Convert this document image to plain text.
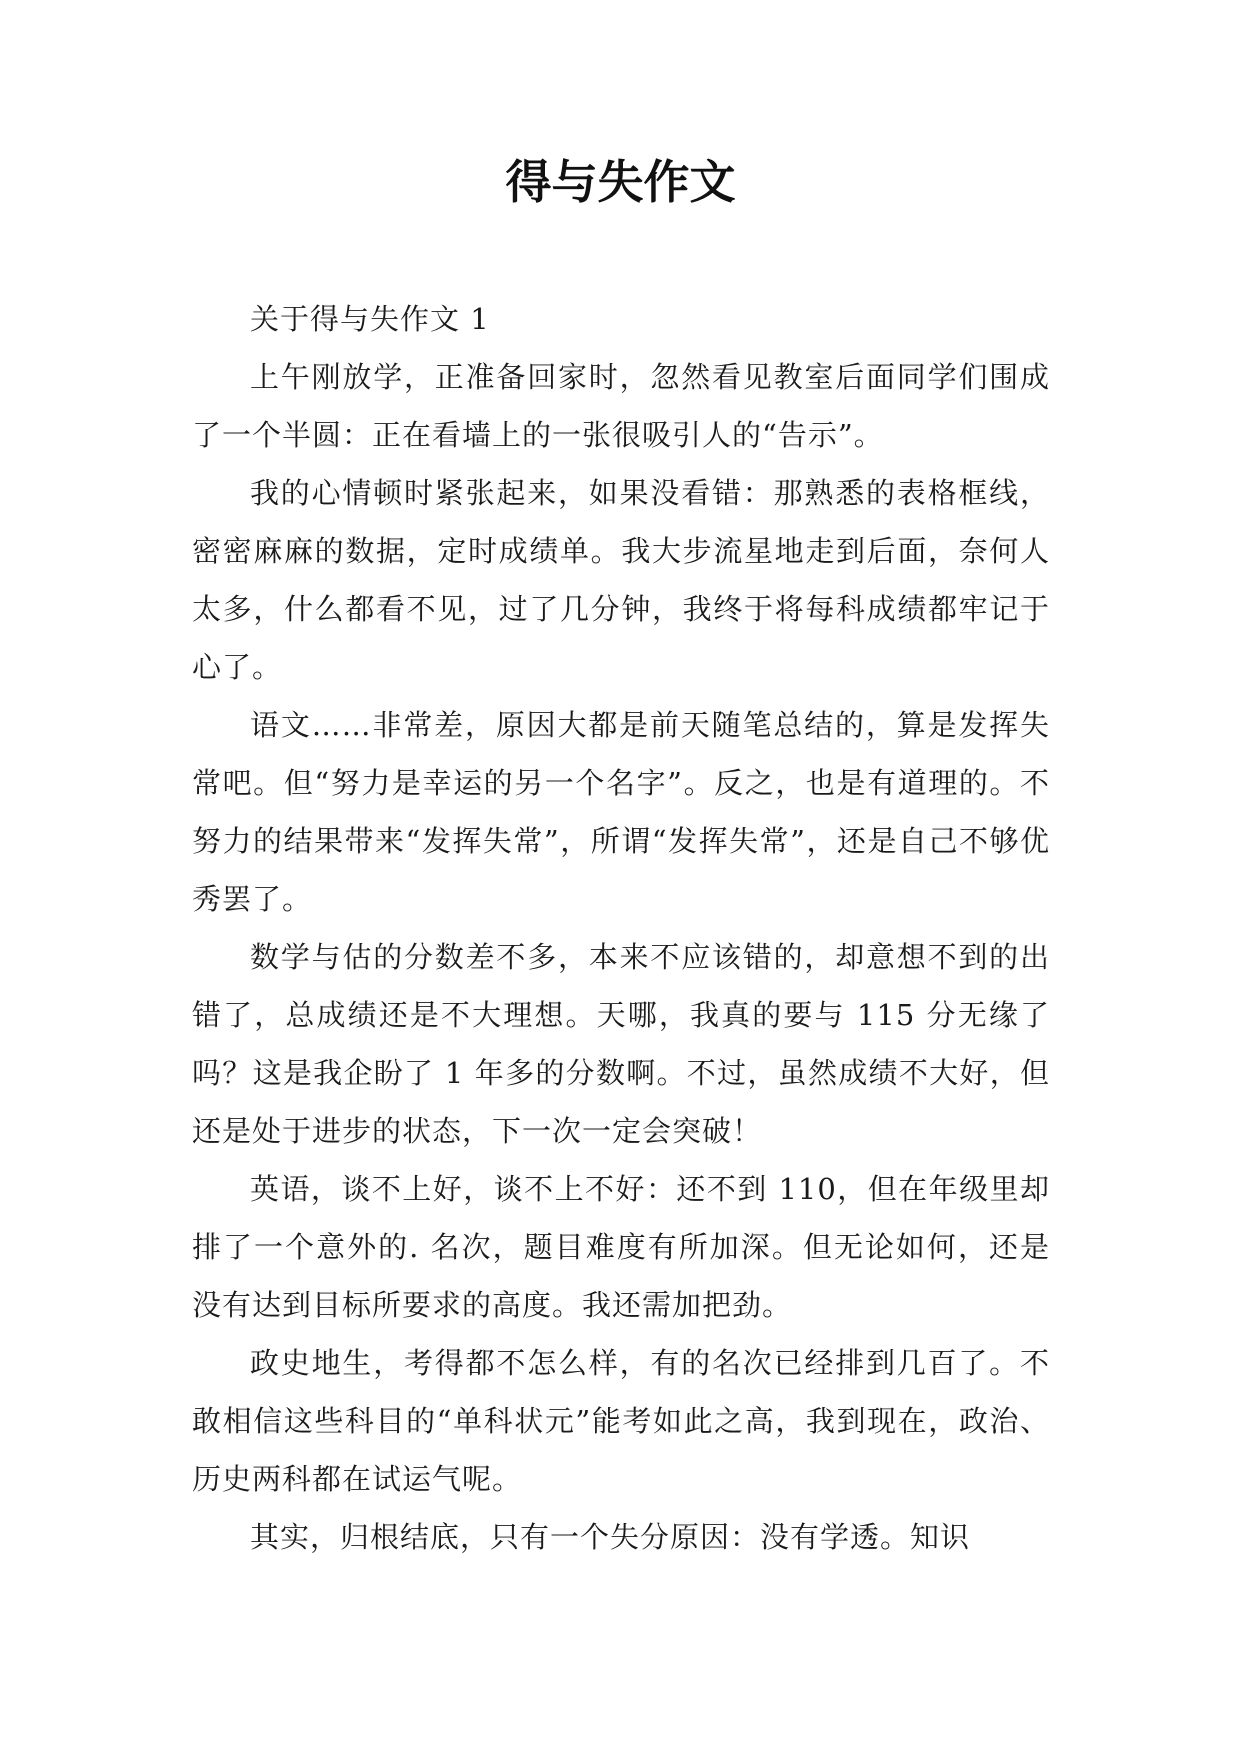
得与失作文

关于得与失作文 1

上午刚放学，正准备回家时，忽然看见教室后面同学们围成了一个半圆：正在看墙上的一张很吸引人的“告示”。

我的心情顿时紧张起来，如果没看错：那熟悉的表格框线，密密麻麻的数据，定时成绩单。我大步流星地走到后面，奈何人太多，什么都看不见，过了几分钟，我终于将每科成绩都牢记于心了。

语文……非常差，原因大都是前天随笔总结的，算是发挥失常吧。但“努力是幸运的另一个名字”。反之，也是有道理的。不努力的结果带来“发挥失常”，所谓“发挥失常”，还是自己不够优秀罢了。

数学与估的分数差不多，本来不应该错的，却意想不到的出错了，总成绩还是不大理想。天哪，我真的要与 115 分无缘了吗？这是我企盼了 1 年多的分数啊。不过，虽然成绩不大好，但还是处于进步的状态，下一次一定会突破！

英语，谈不上好，谈不上不好：还不到 110，但在年级里却排了一个意外的. 名次，题目难度有所加深。但无论如何，还是没有达到目标所要求的高度。我还需加把劲。

政史地生，考得都不怎么样，有的名次已经排到几百了。不敢相信这些科目的“单科状元”能考如此之高，我到现在，政治、历史两科都在试运气呢。

其实，归根结底，只有一个失分原因：没有学透。知识
